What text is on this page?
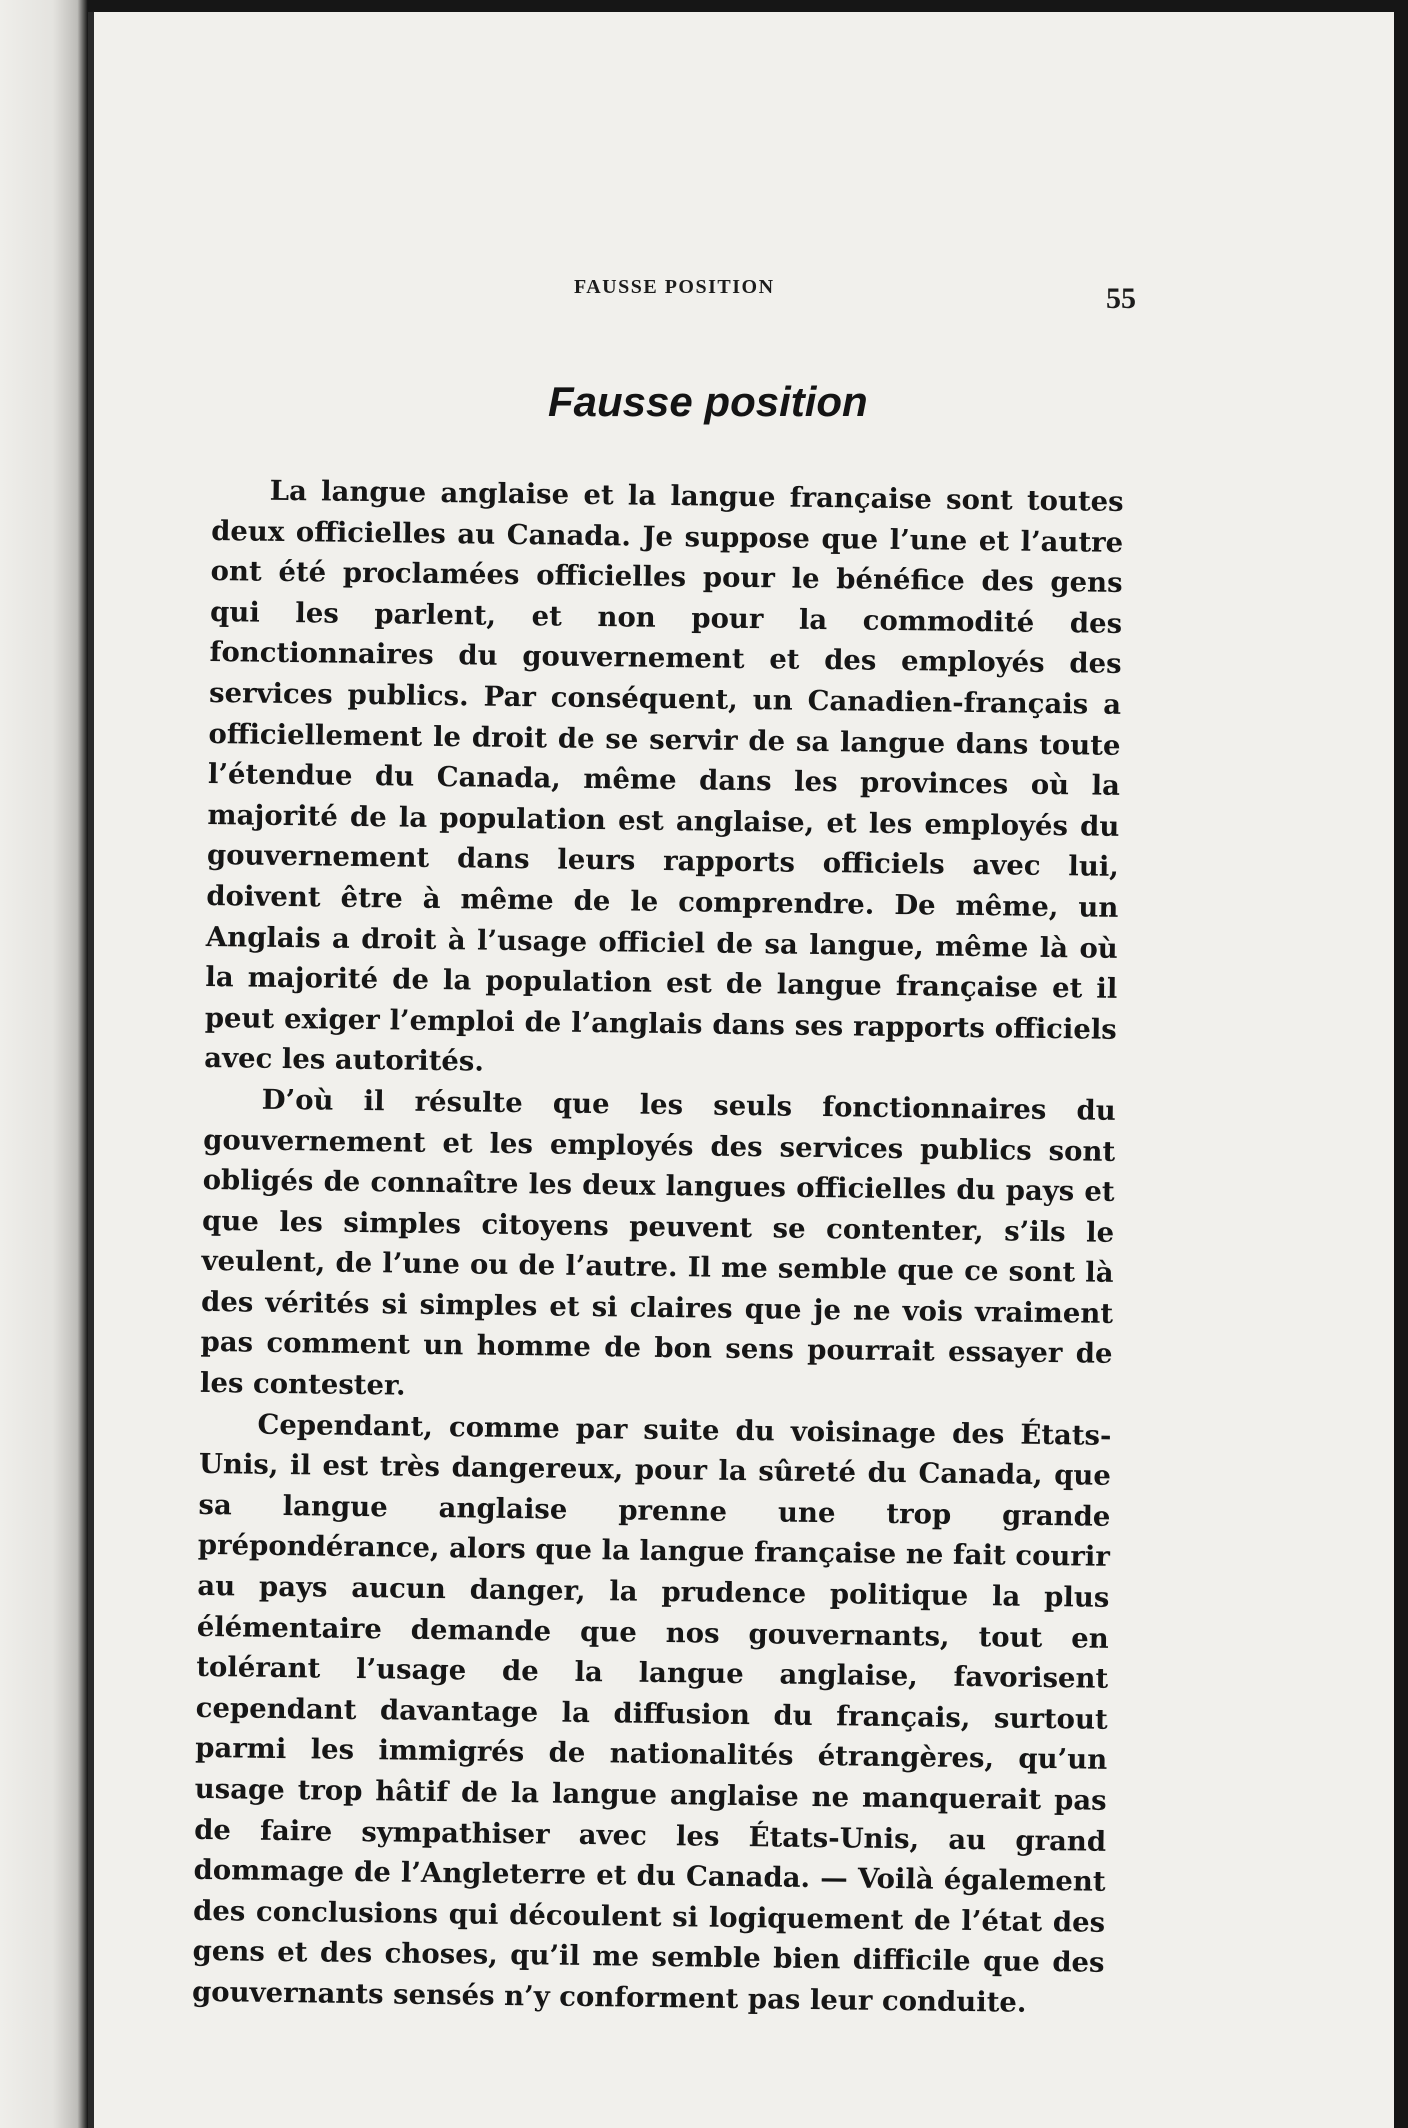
FAUSSE POSITION	55
Fausse position

La langue anglaise et la langue française sont toutes deux officielles au Canada. Je suppose que l’une et l’autre ont été proclamées officielles pour le bénéfice des gens qui les parlent, et non pour la commodité des fonctionnaires du gouvernement et des employés des services publics. Par conséquent, un Canadien-français a officiellement le droit de se servir de sa langue dans toute l’étendue du Canada, même dans les provinces où la majorité de la population est anglaise, et les employés du gouvernement dans leurs rapports officiels avec lui, doivent être à même de le comprendre. De même, un Anglais a droit à l’usage officiel de sa langue, même là où la majorité de la population est de langue française et il peut exiger l’emploi de l’anglais dans ses rapports officiels avec les autorités.

D’où il résulte que les seuls fonctionnaires du gouvernement et les employés des services publics sont obligés de connaître les deux langues officielles du pays et que les simples citoyens peuvent se contenter, s’ils le veulent, de l’une ou de l’autre. Il me semble que ce sont là des vérités si simples et si claires que je ne vois vraiment pas comment un homme de bon sens pourrait essayer de les contester.

Cependant, comme par suite du voisinage des États-Unis, il est très dangereux, pour la sûreté du Canada, que sa langue anglaise prenne une trop grande prépondérance, alors que la langue française ne fait courir au pays aucun danger, la prudence politique la plus élémentaire demande que nos gouvernants, tout en tolérant l’usage de la langue anglaise, favorisent cependant davantage la diffusion du français, surtout parmi les immigrés de nationalités étrangères, qu’un usage trop hâtif de la langue anglaise ne manquerait pas de faire sympathiser avec les États-Unis, au grand dommage de l’Angleterre et du Canada. — Voilà également des conclusions qui découlent si logiquement de l’état des gens et des choses, qu’il me semble bien difficile que des gouvernants sensés n’y conforment pas leur conduite.
